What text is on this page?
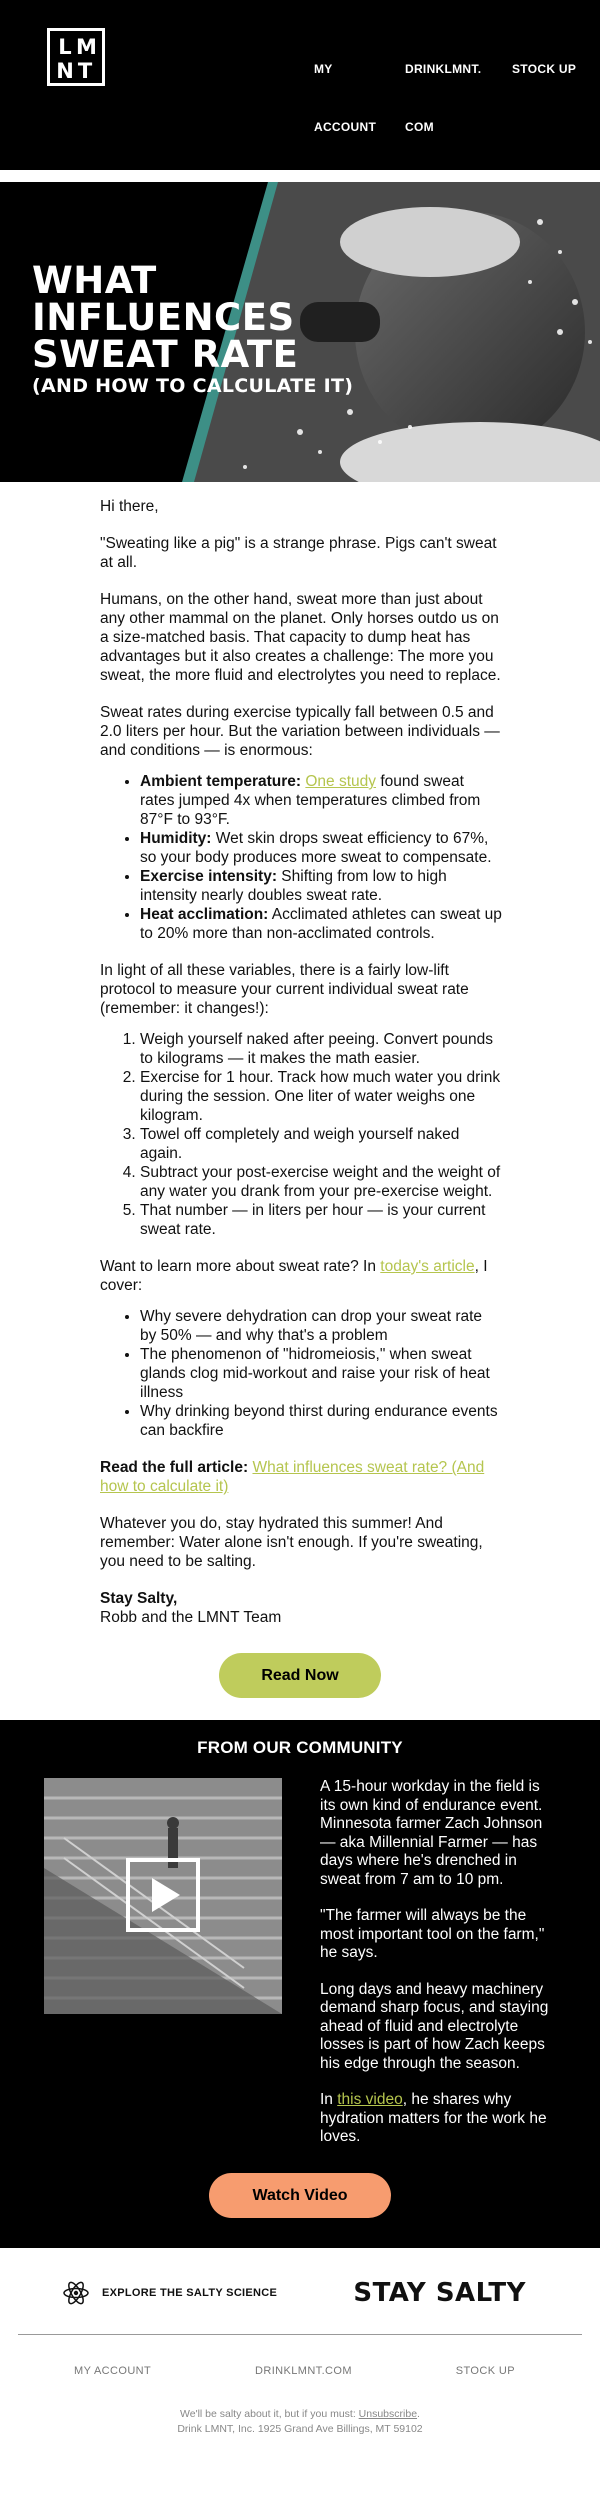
L M
N T	MY ACCOUNT
DRINKLMNT.COM
STOCK UP
WHAT
INFLUENCES
SWEAT RATE
(AND HOW TO CALCULATE IT)

Hi there,

"Sweating like a pig" is a strange phrase. Pigs can't sweat at all.

Humans, on the other hand, sweat more than just about any other mammal on the planet. Only horses outdo us on a size-matched basis. That capacity to dump heat has advantages but it also creates a challenge: The more you sweat, the more fluid and electrolytes you need to replace.

Sweat rates during exercise typically fall between 0.5 and 2.0 liters per hour. But the variation between individuals — and conditions — is enormous:

• Ambient temperature: One study found sweat rates jumped 4x when temperatures climbed from 87°F to 93°F.
• Humidity: Wet skin drops sweat efficiency to 67%, so your body produces more sweat to compensate.
• Exercise intensity: Shifting from low to high intensity nearly doubles sweat rate.
• Heat acclimation: Acclimated athletes can sweat up to 20% more than non-acclimated controls.

In light of all these variables, there is a fairly low-lift protocol to measure your current individual sweat rate (remember: it changes!):

1. Weigh yourself naked after peeing. Convert pounds to kilograms — it makes the math easier.
2. Exercise for 1 hour. Track how much water you drink during the session. One liter of water weighs one kilogram.
3. Towel off completely and weigh yourself naked again.
4. Subtract your post-exercise weight and the weight of any water you drank from your pre-exercise weight.
5. That number — in liters per hour — is your current sweat rate.

Want to learn more about sweat rate? In today's article, I cover:

• Why severe dehydration can drop your sweat rate by 50% — and why that's a problem
• The phenomenon of "hidromeiosis," when sweat glands clog mid-workout and raise your risk of heat illness
• Why drinking beyond thirst during endurance events can backfire

Read the full article: What influences sweat rate? (And how to calculate it)

Whatever you do, stay hydrated this summer! And remember: Water alone isn't enough. If you're sweating, you need to be salting.

Stay Salty,
Robb and the LMNT Team

Read Now
FROM OUR COMMUNITY

A 15-hour workday in the field is its own kind of endurance event. Minnesota farmer Zach Johnson — aka Millennial Farmer — has days where he's drenched in sweat from 7 am to 10 pm.

"The farmer will always be the most important tool on the farm," he says.

Long days and heavy machinery demand sharp focus, and staying ahead of fluid and electrolyte losses is part of how Zach keeps his edge through the season.

In this video, he shares why hydration matters for the work he loves.

Watch Video
EXPLORE THE SALTY SCIENCE	STAY SALTY
MY ACCOUNT	DRINKLMNT.COM	STOCK UP
We'll be salty about it, but if you must: Unsubscribe.
Drink LMNT, Inc. 1925 Grand Ave Billings, MT 59102
